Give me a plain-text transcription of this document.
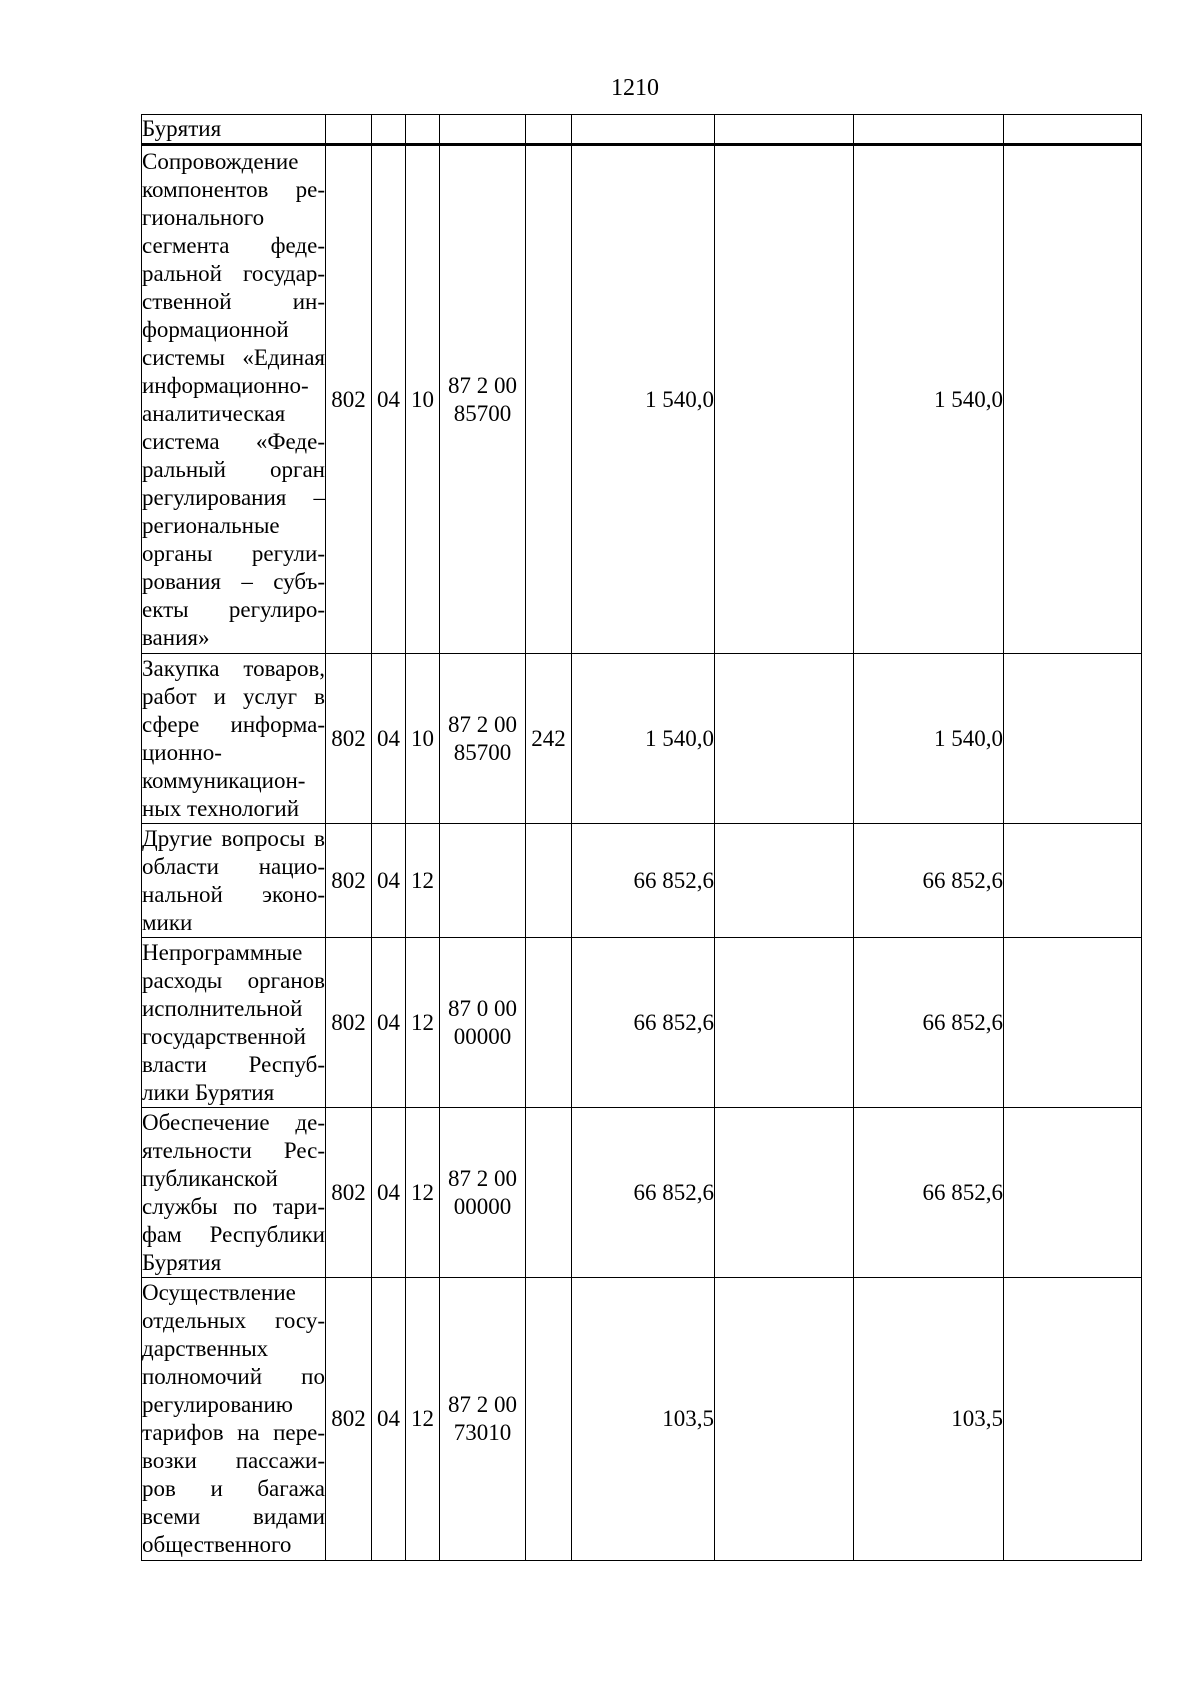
1210
Бурятия									
Сопровождение компонентов ре-гионального сегмента феде-ральной государ-ственной ин-формационной системы «Единая информационно-аналитическая система «Феде-ральный орган регулирования – региональные органы регули-рования – субъ-екты регулиро-вания»	802	04	10	87 2 00 85700		1 540,0		1 540,0	
Закупка товаров, работ и услуг в сфере информа-ционно-коммуникацион-ных технологий	802	04	10	87 2 00 85700	242	1 540,0		1 540,0	
Другие вопросы в области нацио-нальной эконо-мики	802	04	12			66 852,6		66 852,6	
Непрограммные расходы органов исполнительной государственной власти Респуб-лики Бурятия	802	04	12	87 0 00 00000		66 852,6		66 852,6	
Обеспечение де-ятельности Рес-публиканской службы по тари-фам Республики Бурятия	802	04	12	87 2 00 00000		66 852,6		66 852,6	
Осуществление отдельных госу-дарственных полномочий по регулированию тарифов на пере-возки пассажи-ров и багажа всеми видами общественного	802	04	12	87 2 00 73010		103,5		103,5	
